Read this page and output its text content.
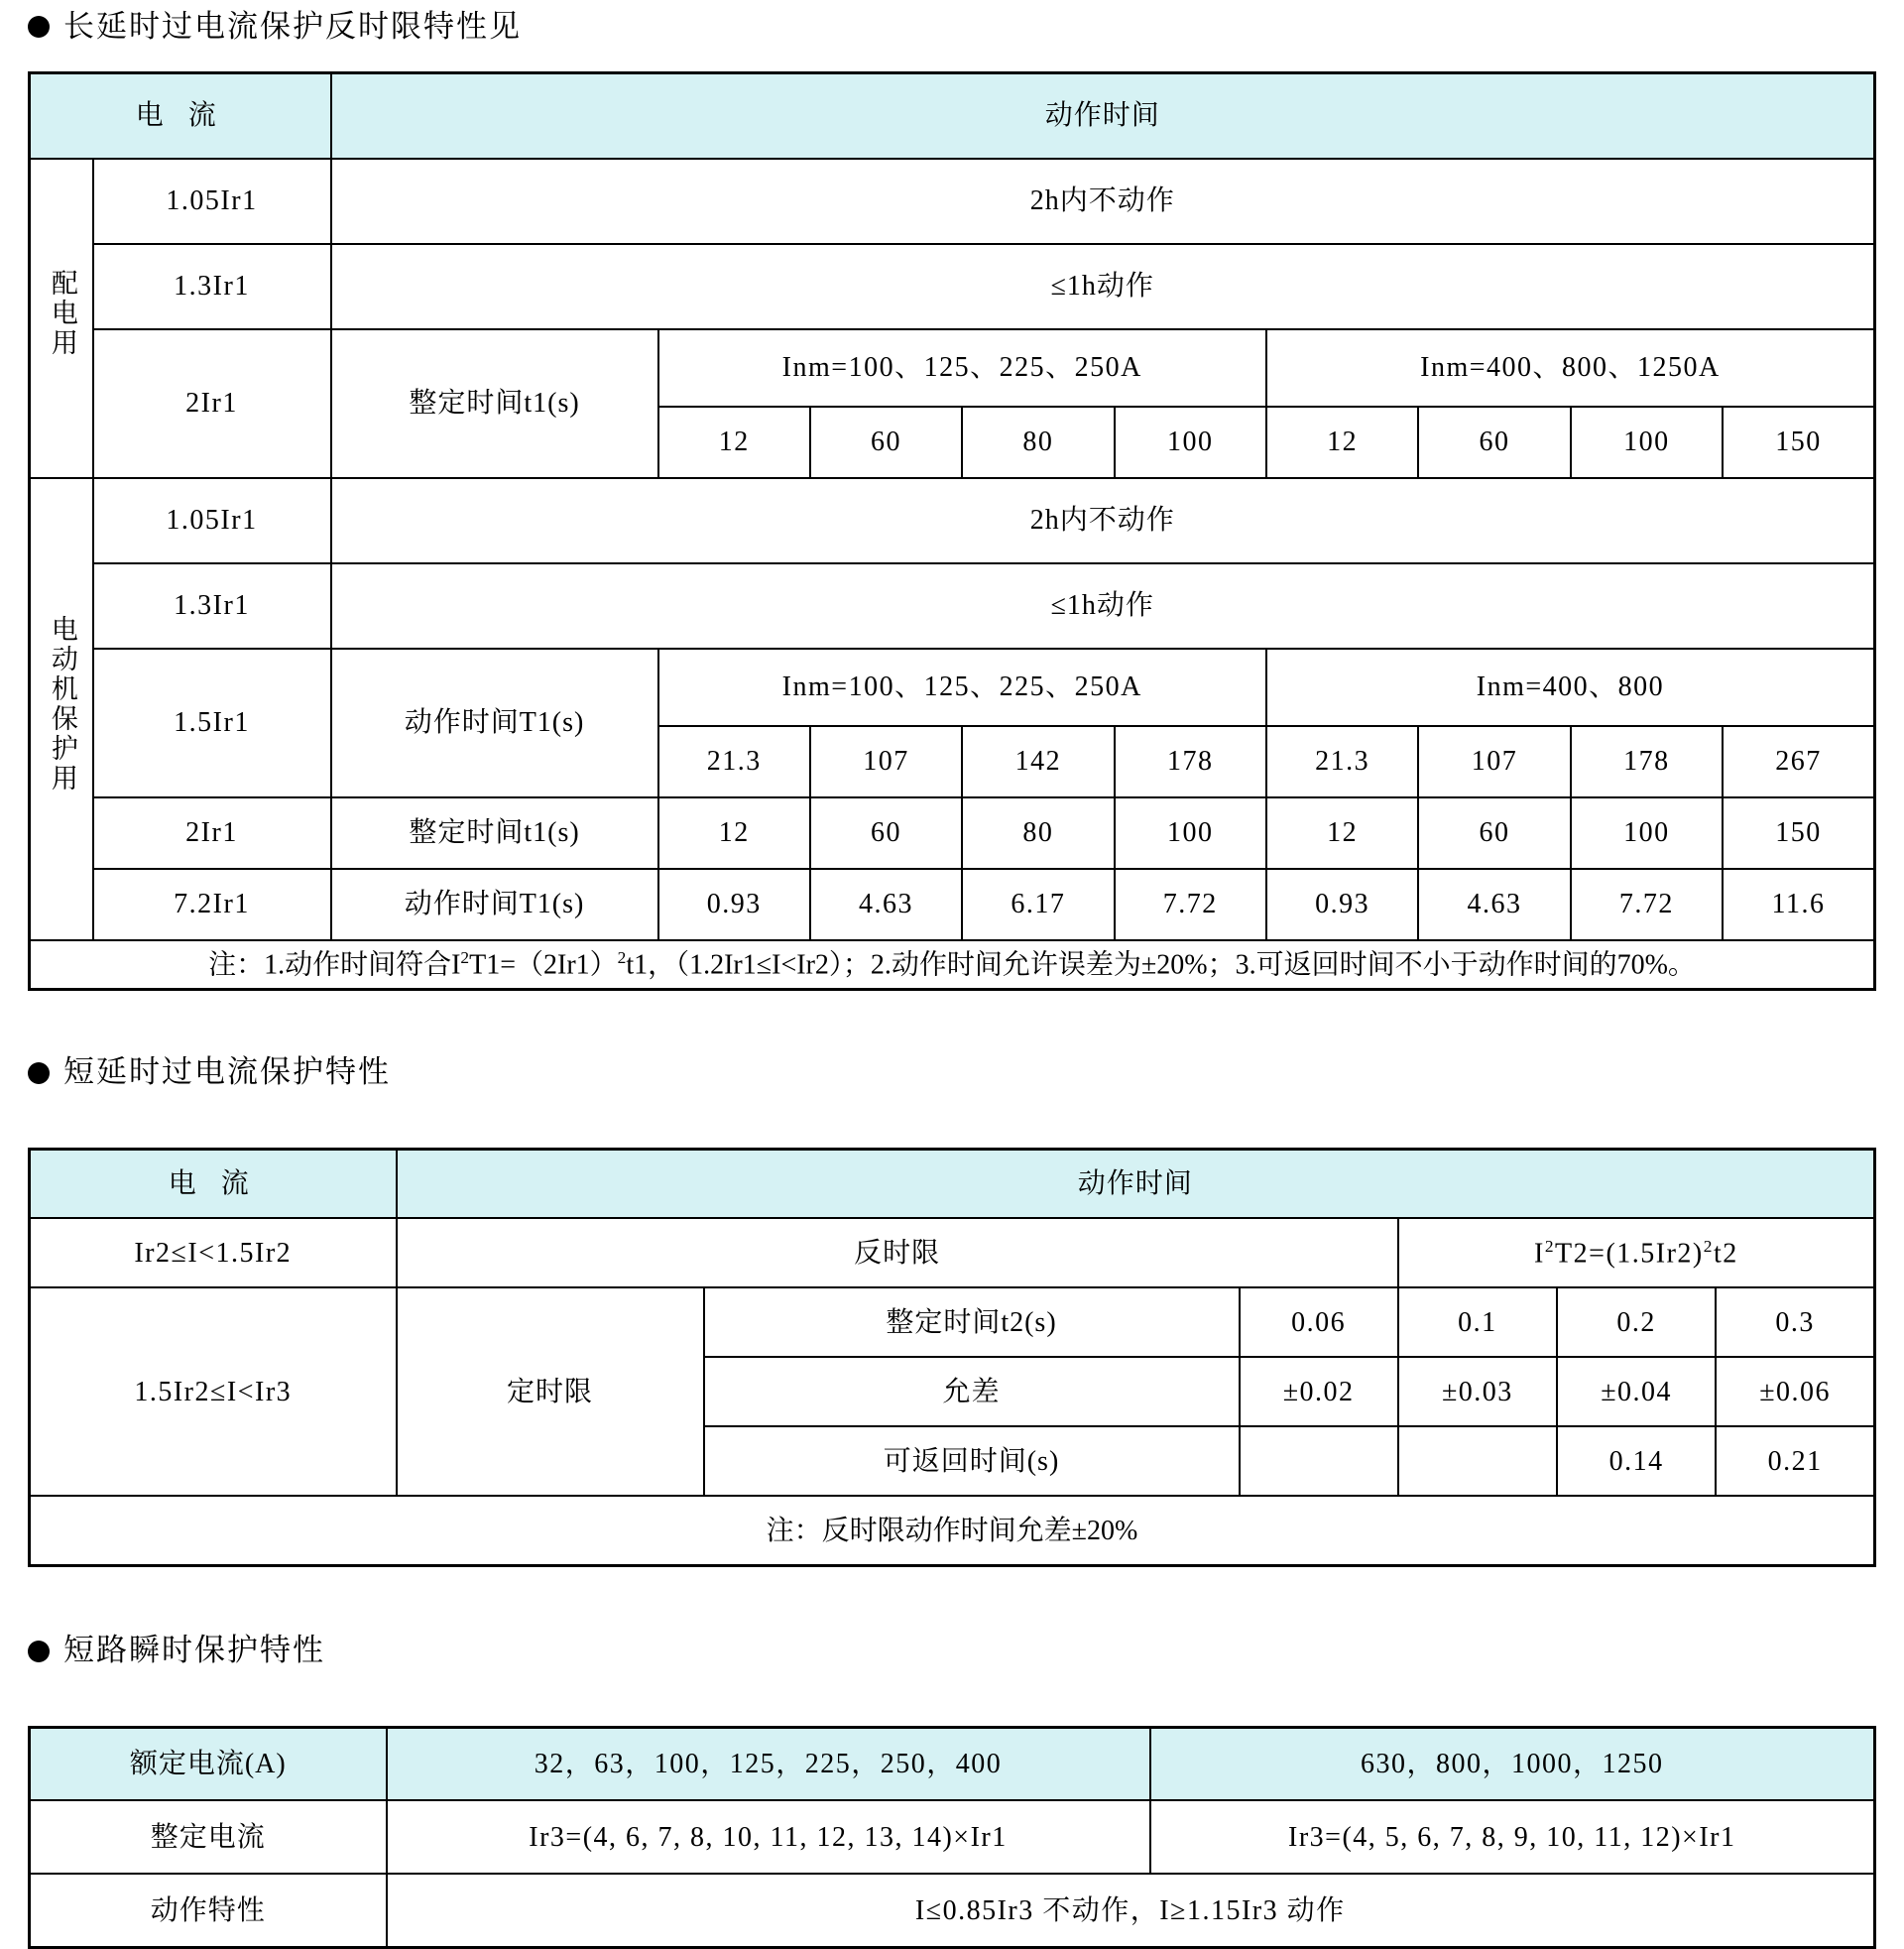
长延时过电流保护反时限特性见
电 流		动作时间								
配电用	1.05Ir1	2h内不动作								
	1.3Ir1	≤1h动作								
	2Ir1	整定时间t1(s)	Inm=100、125、225、250A				Inm=400、800、1250A			
			12	60	80	100	12	60	100	150
电动机保护用	1.05Ir1	2h内不动作								
	1.3Ir1	≤1h动作								
	1.5Ir1	动作时间T1(s)	Inm=100、125、225、250A				Inm=400、800			
			21.3	107	142	178	21.3	107	178	267
	2Ir1	整定时间t1(s)	12	60	80	100	12	60	100	150
	7.2Ir1	动作时间T1(s)	0.93	4.63	6.17	7.72	0.93	4.63	7.72	11.6
注：1.动作时间符合$I^2T1=(2Ir1)^2t1$，（1.2Ir1≤I<Ir2）；2.动作时间允许误差为±20%；3.可返回时间不小于动作时间的70%。										
短延时过电流保护特性
电 流	动作时间					
Ir2≤I<1.5Ir2	反时限			$I^2T2=(1.5Ir2)^2t2$		
1.5Ir2≤I<Ir3	定时限	整定时间t2(s)	0.06	0.1	0.2	0.3
		允差	±0.02	±0.03	±0.04	±0.06
		可返回时间(s)			0.14	0.21
注：反时限动作时间允差±20%						
短路瞬时保护特性
额定电流(A)	32，63，100，125，225，250，400	630，800，1000，1250
整定电流	Ir3=(4, 6, 7, 8, 10, 11, 12, 13, 14)×Ir1	Ir3=(4, 5, 6, 7, 8, 9, 10, 11, 12)×Ir1
动作特性	I≤0.85Ir3 不动作，I≥1.15Ir3 动作	
